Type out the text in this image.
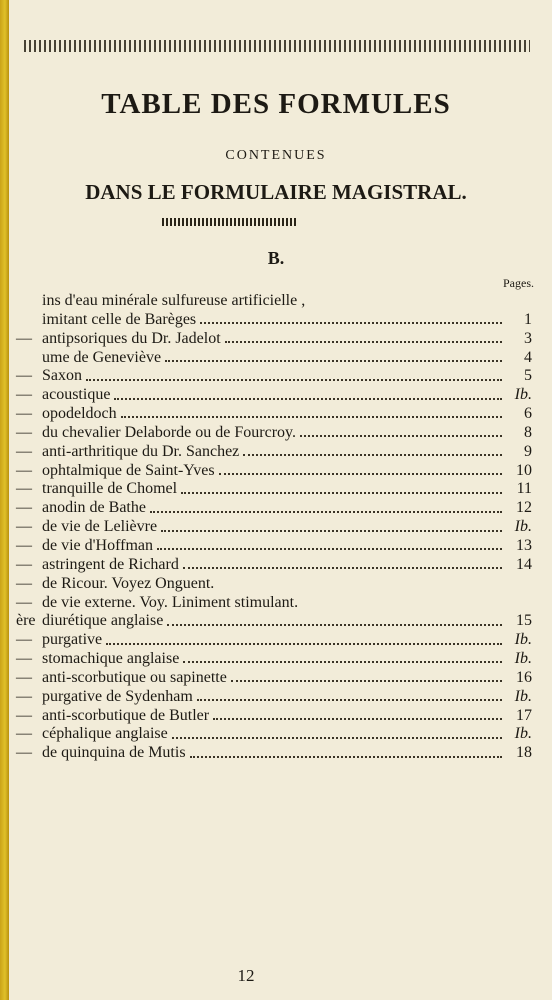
TABLE DES FORMULES
CONTENUES
DANS LE FORMULAIRE MAGISTRAL.
B.
Pages.
ins d'eau minérale sulfureuse artificielle ,
imitant celle de Barèges	1
— antipsoriques du Dr. Jadelot	3
ume de Geneviève	4
— Saxon	5
— acoustique	Ib.
— opodeldoch	6
— du chevalier Delaborde ou de Fourcroy.	8
— anti-arthritique du Dr. Sanchez	9
— ophtalmique de Saint-Yves	10
— tranquille de Chomel	11
— anodin de Bathe	12
— de vie de Lelièvre	Ib.
— de vie d'Hoffman	13
— astringent de Richard	14
— de Ricour. Voyez Onguent.
— de vie externe. Voy. Liniment stimulant.
ère diurétique anglaise	15
— purgative	Ib.
— stomachique anglaise	Ib.
— anti-scorbutique ou sapinette	16
— purgative de Sydenham	Ib.
— anti-scorbutique de Butler	17
— céphalique anglaise	Ib.
— de quinquina de Mutis	18
12
